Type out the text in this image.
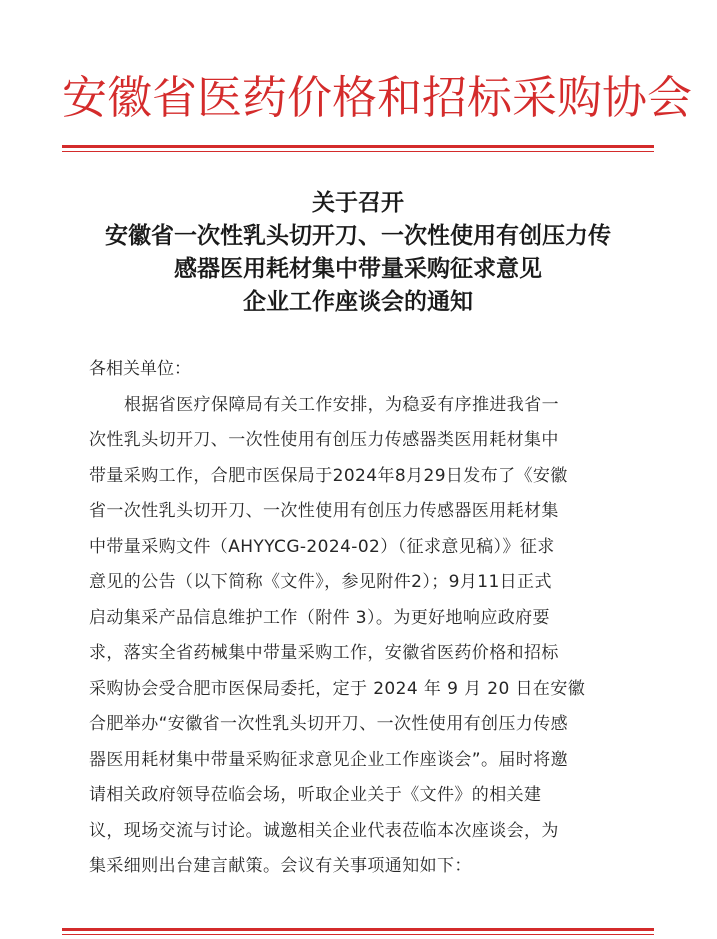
安徽省医药价格和招标采购协会
关于召开
安徽省一次性乳头切开刀、一次性使用有创压力传
感器医用耗材集中带量采购征求意见
企业工作座谈会的通知
各相关单位：
根据省医疗保障局有关工作安排，为稳妥有序推进我省一
次性乳头切开刀、一次性使用有创压力传感器类医用耗材集中
带量采购工作，合肥市医保局于2024年8月29日发布了《安徽
省一次性乳头切开刀、一次性使用有创压力传感器医用耗材集
中带量采购文件（AHYYCG-2024-02）（征求意见稿）》征求
意见的公告（以下简称《文件》，参见附件2）；9月11日正式
启动集采产品信息维护工作（附件 3）。为更好地响应政府要
求，落实全省药械集中带量采购工作，安徽省医药价格和招标
采购协会受合肥市医保局委托，定于 2024 年 9 月 20 日在安徽
合肥举办“安徽省一次性乳头切开刀、一次性使用有创压力传感
器医用耗材集中带量采购征求意见企业工作座谈会”。届时将邀
请相关政府领导莅临会场，听取企业关于《文件》的相关建
议，现场交流与讨论。诚邀相关企业代表莅临本次座谈会，为
集采细则出台建言献策。会议有关事项通知如下：
